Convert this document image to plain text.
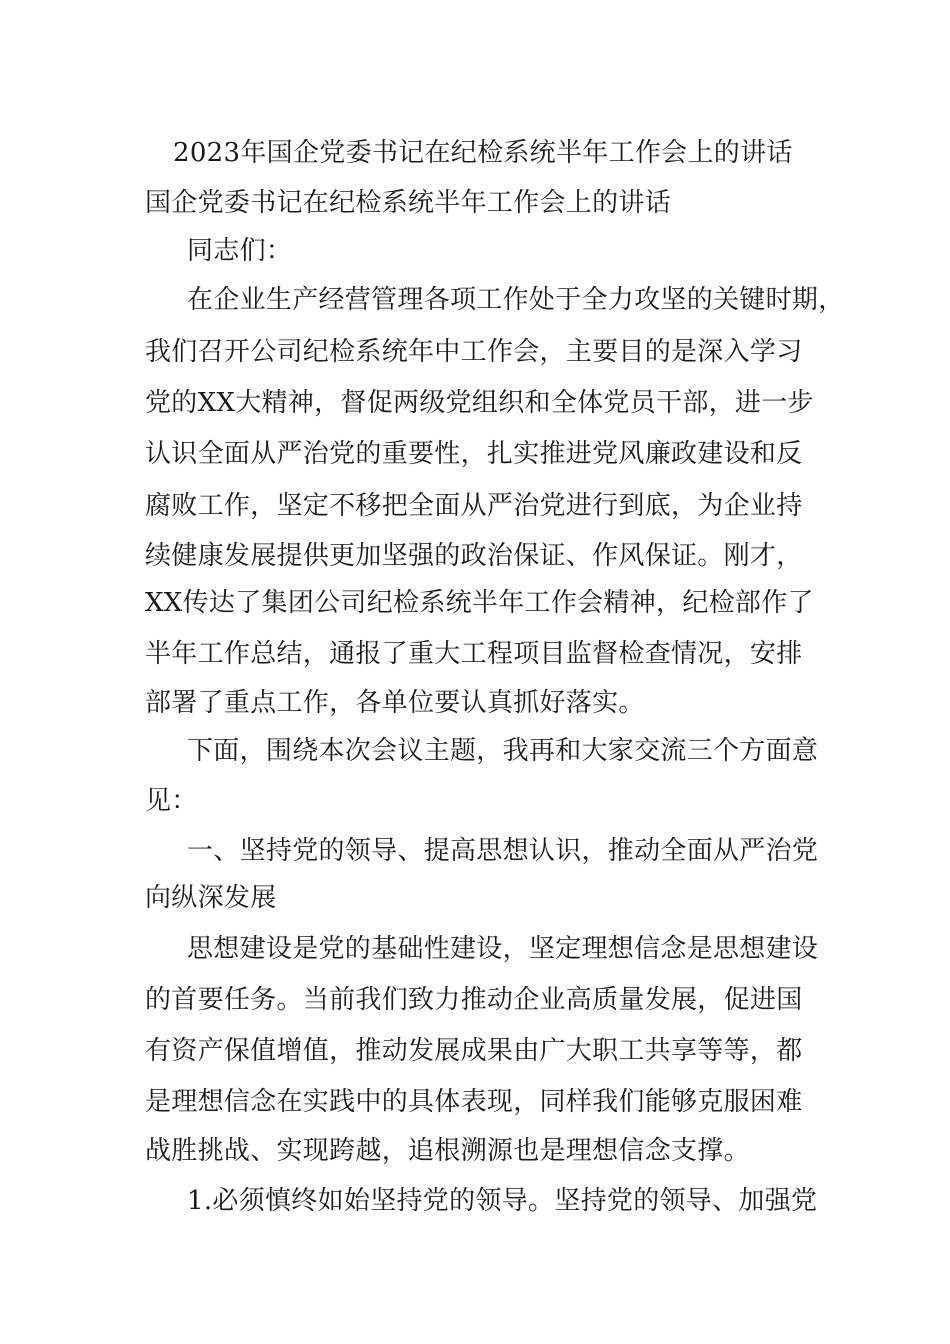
2023年国企党委书记在纪检系统半年工作会上的讲话
国企党委书记在纪检系统半年工作会上的讲话
同志们：
在企业生产经营管理各项工作处于全力攻坚的关键时期，
我们召开公司纪检系统年中工作会，主要目的是深入学习
党的XX大精神，督促两级党组织和全体党员干部，进一步
认识全面从严治党的重要性，扎实推进党风廉政建设和反
腐败工作，坚定不移把全面从严治党进行到底，为企业持
续健康发展提供更加坚强的政治保证、作风保证。刚才，
XX传达了集团公司纪检系统半年工作会精神，纪检部作了
半年工作总结，通报了重大工程项目监督检查情况，安排
部署了重点工作，各单位要认真抓好落实。
下面，围绕本次会议主题，我再和大家交流三个方面意
见：
一、坚持党的领导、提高思想认识，推动全面从严治党
向纵深发展
思想建设是党的基础性建设，坚定理想信念是思想建设
的首要任务。当前我们致力推动企业高质量发展，促进国
有资产保值增值，推动发展成果由广大职工共享等等，都
是理想信念在实践中的具体表现，同样我们能够克服困难
战胜挑战、实现跨越，追根溯源也是理想信念支撑。
1.必须慎终如始坚持党的领导。坚持党的领导、加强党
